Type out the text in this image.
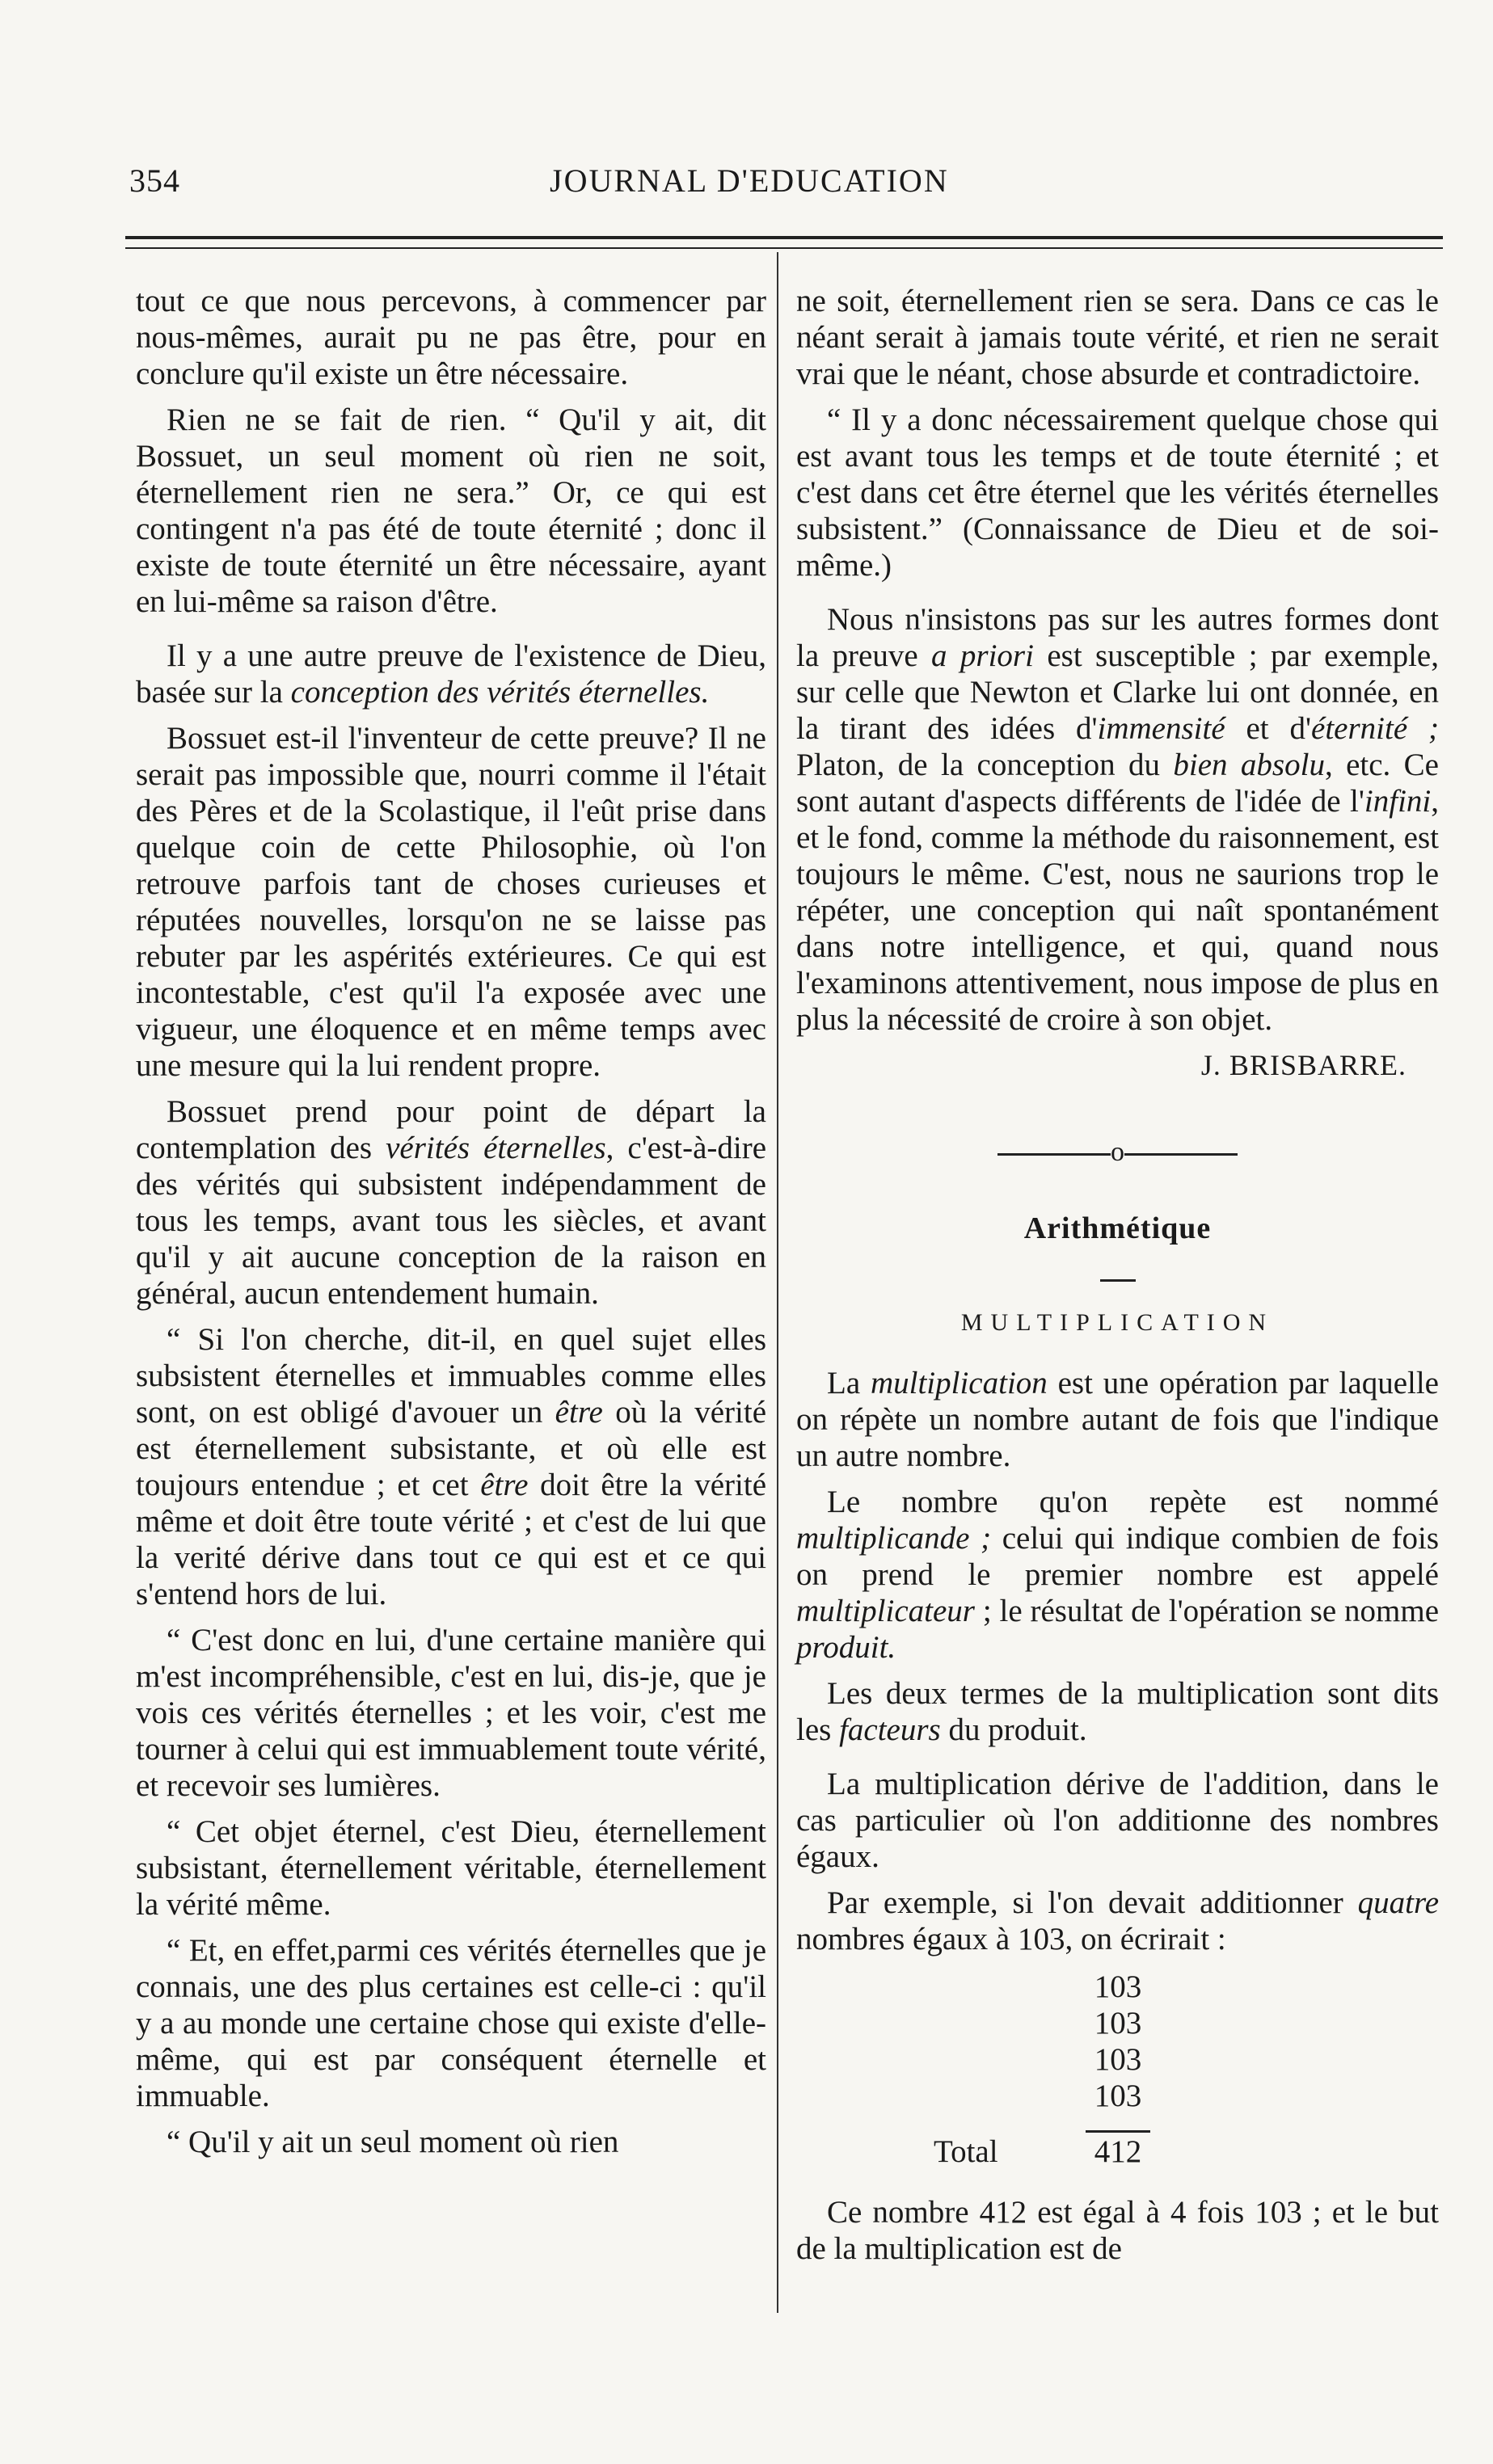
354	JOURNAL D'EDUCATION

tout ce que nous percevons, à commencer par nous-mêmes, aurait pu ne pas être, pour en conclure qu'il existe un être nécessaire.

Rien ne se fait de rien. “ Qu'il y ait, dit Bossuet, un seul moment où rien ne soit, éternellement rien ne sera.” Or, ce qui est contingent n'a pas été de toute éternité ; donc il existe de toute éternité un être nécessaire, ayant en lui-même sa raison d'être.

Il y a une autre preuve de l'existence de Dieu, basée sur la conception des vérités éternelles.

Bossuet est-il l'inventeur de cette preuve? Il ne serait pas impossible que, nourri comme il l'était des Pères et de la Scolastique, il l'eût prise dans quelque coin de cette Philosophie, où l'on retrouve parfois tant de choses curieuses et réputées nouvelles, lorsqu'on ne se laisse pas rebuter par les aspérités extérieures. Ce qui est incontestable, c'est qu'il l'a exposée avec une vigueur, une éloquence et en même temps avec une mesure qui la lui rendent propre.

Bossuet prend pour point de départ la contemplation des vérités éternelles, c'est-à-dire des vérités qui subsistent indépendamment de tous les temps, avant tous les siècles, et avant qu'il y ait aucune conception de la raison en général, aucun entendement humain.

“ Si l'on cherche, dit-il, en quel sujet elles subsistent éternelles et immuables comme elles sont, on est obligé d'avouer un être où la vérité est éternellement subsistante, et où elle est toujours entendue ; et cet être doit être la vérité même et doit être toute vérité ; et c'est de lui que la verité dérive dans tout ce qui est et ce qui s'entend hors de lui.

“ C'est donc en lui, d'une certaine manière qui m'est incompréhensible, c'est en lui, dis-je, que je vois ces vérités éternelles ; et les voir, c'est me tourner à celui qui est immuablement toute vérité, et recevoir ses lumières.

“ Cet objet éternel, c'est Dieu, éternellement subsistant, éternellement véritable, éternellement la vérité même.

“ Et, en effet,parmi ces vérités éternelles que je connais, une des plus certaines est celle-ci : qu'il y a au monde une certaine chose qui existe d'elle-même, qui est par conséquent éternelle et immuable.

“ Qu'il y ait un seul moment où rien

ne soit, éternellement rien se sera. Dans ce cas le néant serait à jamais toute vérité, et rien ne serait vrai que le néant, chose absurde et contradictoire.

“ Il y a donc nécessairement quelque chose qui est avant tous les temps et de toute éternité ; et c'est dans cet être éternel que les vérités éternelles subsistent.” (Connaissance de Dieu et de soi-même.)

Nous n'insistons pas sur les autres formes dont la preuve a priori est susceptible ; par exemple, sur celle que Newton et Clarke lui ont donnée, en la tirant des idées d'immensité et d'éternité ; Platon, de la conception du bien absolu, etc. Ce sont autant d'aspects différents de l'idée de l'infini, et le fond, comme la méthode du raisonnement, est toujours le même. C'est, nous ne saurions trop le répéter, une conception qui naît spontanément dans notre intelligence, et qui, quand nous l'examinons attentivement, nous impose de plus en plus la nécessité de croire à son objet.

J. BRISBARRE.
o
Arithmétique
MULTIPLICATION

La multiplication est une opération par laquelle on répète un nombre autant de fois que l'indique un autre nombre.

Le nombre qu'on repète est nommé multiplicande ; celui qui indique combien de fois on prend le premier nombre est appelé multiplicateur ; le résultat de l'opération se nomme produit.

Les deux termes de la multiplication sont dits les facteurs du produit.

La multiplication dérive de l'addition, dans le cas particulier où l'on additionne des nombres égaux.

Par exemple, si l'on devait additionner quatre nombres égaux à 103, on écrirait :

103
103
103
103
Total	412

Ce nombre 412 est égal à 4 fois 103 ; et le but de la multiplication est de
